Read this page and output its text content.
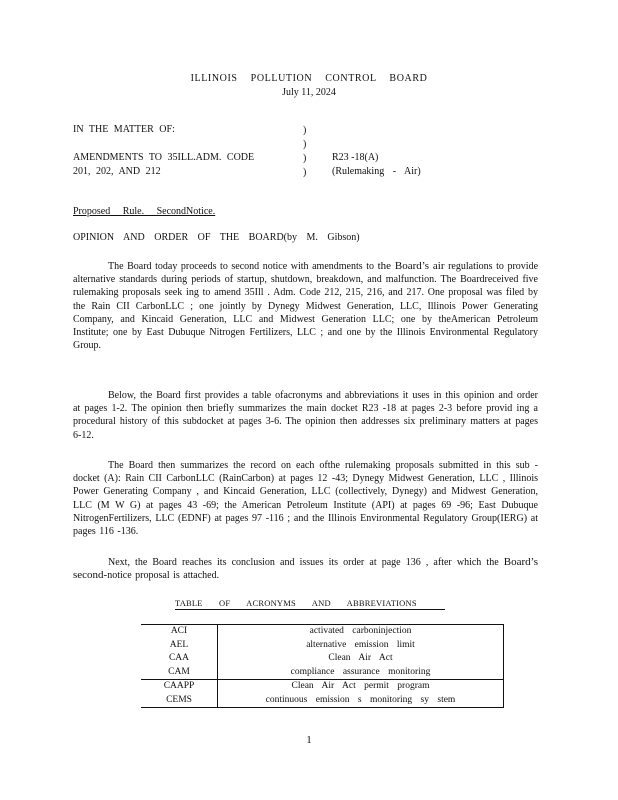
ILLINOIS POLLUTION CONTROL BOARD
July 11, 2024
IN THE MATTER OF:
AMENDMENTS TO 35ILL.ADM. CODE
201, 202, AND 212
)
)
)
)
R23 -18(A)
(Rulemaking - Air)
Proposed Rule. SecondNotice.
OPINION AND ORDER OF THE BOARD(by M. Gibson)

The Board today proceeds to second notice with amendments to the Board’s air regulations to provide alternative standards during periods of startup, shutdown, breakdown, and malfunction. The Boardreceived five rulemaking proposals seek ing to amend 35Ill . Adm. Code 212, 215, 216, and 217. One proposal was filed by the Rain CII CarbonLLC ; one jointly by Dynegy Midwest Generation, LLC, Illinois Power Generating Company, and Kincaid Generation, LLC and Midwest Generation LLC; one by theAmerican Petroleum Institute; one by East Dubuque Nitrogen Fertilizers, LLC ; and one by the Illinois Environmental Regulatory Group.

Below, the Board first provides a table ofacronyms and abbreviations it uses in this opinion and order at pages 1-2. The opinion then briefly summarizes the main docket R23 -18 at pages 2-3 before provid ing a procedural history of this subdocket at pages 3-6. The opinion then addresses six preliminary matters at pages 6-12.

The Board then summarizes the record on each ofthe rulemaking proposals submitted in this sub -docket (A): Rain CII CarbonLLC (RainCarbon) at pages 12 -43; Dynegy Midwest Generation, LLC , Illinois Power Generating Company , and Kincaid Generation, LLC (collectively, Dynegy) and Midwest Generation, LLC (M W G) at pages 43 -69; the American Petroleum Institute (API) at pages 69 -96; East Dubuque NitrogenFertilizers, LLC (EDNF) at pages 97 -116 ; and the Illinois Environmental Regulatory Group(IERG) at pages 116 -136.

Next, the Board reaches its conclusion and issues its order at page 136 , after which the Board’s second-notice proposal is attached.

TABLE OF ACRONYMS AND ABBREVIATIONS
ACI	activated carboninjection
AEL	alternative emission limit
CAA	Clean Air Act
CAM	compliance assurance monitoring
CAAPP	Clean Air Act permit program
CEMS	continuous emission s monitoring sy stem
1
